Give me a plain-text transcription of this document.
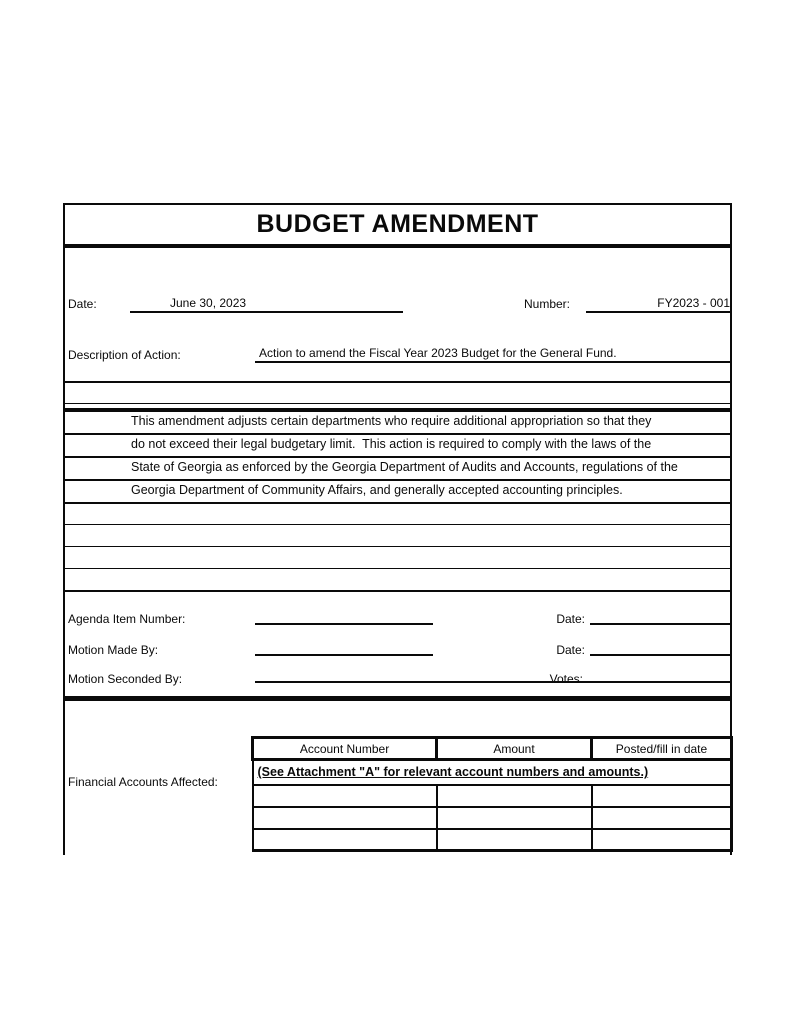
BUDGET AMENDMENT
Date:	June 30, 2023	Number:	FY2023 - 001
Description of Action:	Action to amend the Fiscal Year 2023 Budget for the General Fund.
This amendment adjusts certain departments who require additional appropriation so that they
do not exceed their legal budgetary limit.  This action is required to comply with the laws of the
State of Georgia as enforced by the Georgia Department of Audits and Accounts, regulations of the
Georgia Department of Community Affairs, and generally accepted accounting principles.
Agenda Item Number:	Date:
Motion Made By:	Date:
Motion Seconded By:	Votes:
Financial Accounts Affected:
Account Number	Amount	Posted/fill in date
(See Attachment "A" for relevant account numbers and amounts.)		
